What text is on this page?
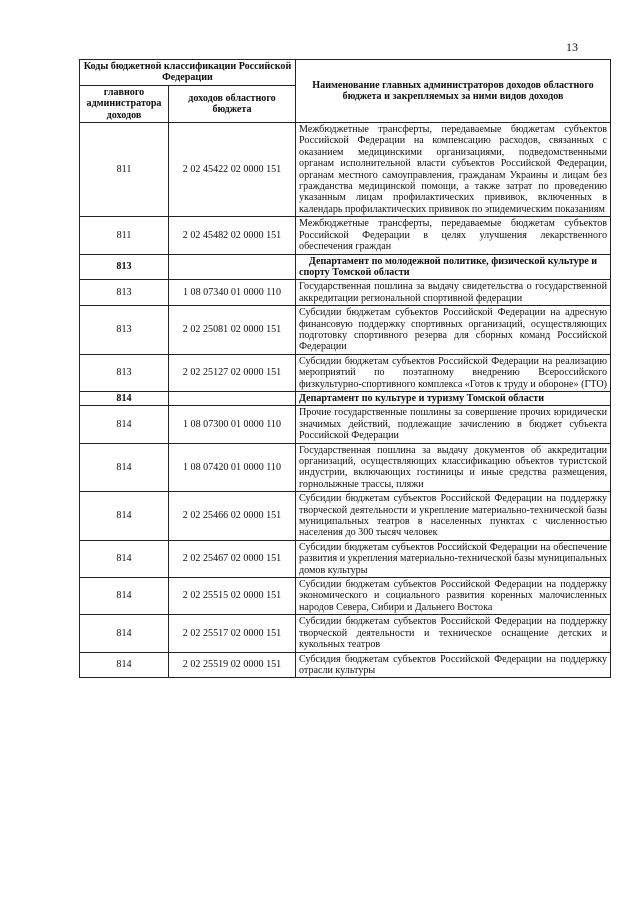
13
Коды бюджетной классификации Российской Федерации		Наименование главных администраторов доходов областного бюджета и закрепляемых за ними видов доходов
главного администратора доходов	доходов областного бюджета	
811	2 02 45422 02 0000 151	Межбюджетные трансферты, передаваемые бюджетам субъектов Российской Федерации на компенсацию расходов, связанных с оказанием медицинскими организациями, подведомственными органам исполнительной власти субъектов Российской Федерации, органам местного самоуправления, гражданам Украины и лицам без гражданства медицинской помощи, а также затрат по проведению указанным лицам профилактических прививок, включенных в календарь профилактических прививок по эпидемическим показаниям
811	2 02 45482 02 0000 151	Межбюджетные трансферты, передаваемые бюджетам субъектов Российской Федерации в целях улучшения лекарственного обеспечения граждан
813		Департамент по молодежной политике, физической культуре и спорту Томской области
813	1 08 07340 01 0000 110	Государственная пошлина за выдачу свидетельства о государственной аккредитации региональной спортивной федерации
813	2 02 25081 02 0000 151	Субсидии бюджетам субъектов Российской Федерации на адресную финансовую поддержку спортивных организаций, осуществляющих подготовку спортивного резерва для сборных команд Российской Федерации
813	2 02 25127 02 0000 151	Субсидии бюджетам субъектов Российской Федерации на реализацию мероприятий по поэтапному внедрению Всероссийского физкультурно-спортивного комплекса «Готов к труду и обороне» (ГТО)
814		Департамент по культуре и туризму Томской области
814	1 08 07300 01 0000 110	Прочие государственные пошлины за совершение прочих юридически значимых действий, подлежащие зачислению в бюджет субъекта Российской Федерации
814	1 08 07420 01 0000 110	Государственная пошлина за выдачу документов об аккредитации организаций, осуществляющих классификацию объектов туристской индустрии, включающих гостиницы и иные средства размещения, горнолыжные трассы, пляжи
814	2 02 25466 02 0000 151	Субсидии бюджетам субъектов Российской Федерации на поддержку творческой деятельности и укрепление материально-технической базы муниципальных театров в населенных пунктах с численностью населения до 300 тысяч человек
814	2 02 25467 02 0000 151	Субсидии бюджетам субъектов Российской Федерации на обеспечение развития и укрепления материально-технической базы муниципальных домов культуры
814	2 02 25515 02 0000 151	Субсидии бюджетам субъектов Российской Федерации на поддержку экономического и социального развития коренных малочисленных народов Севера, Сибири и Дальнего Востока
814	2 02 25517 02 0000 151	Субсидии бюджетам субъектов Российской Федерации на поддержку творческой деятельности и техническое оснащение детских и кукольных театров
814	2 02 25519 02 0000 151	Субсидия бюджетам субъектов Российской Федерации на поддержку отрасли культуры
